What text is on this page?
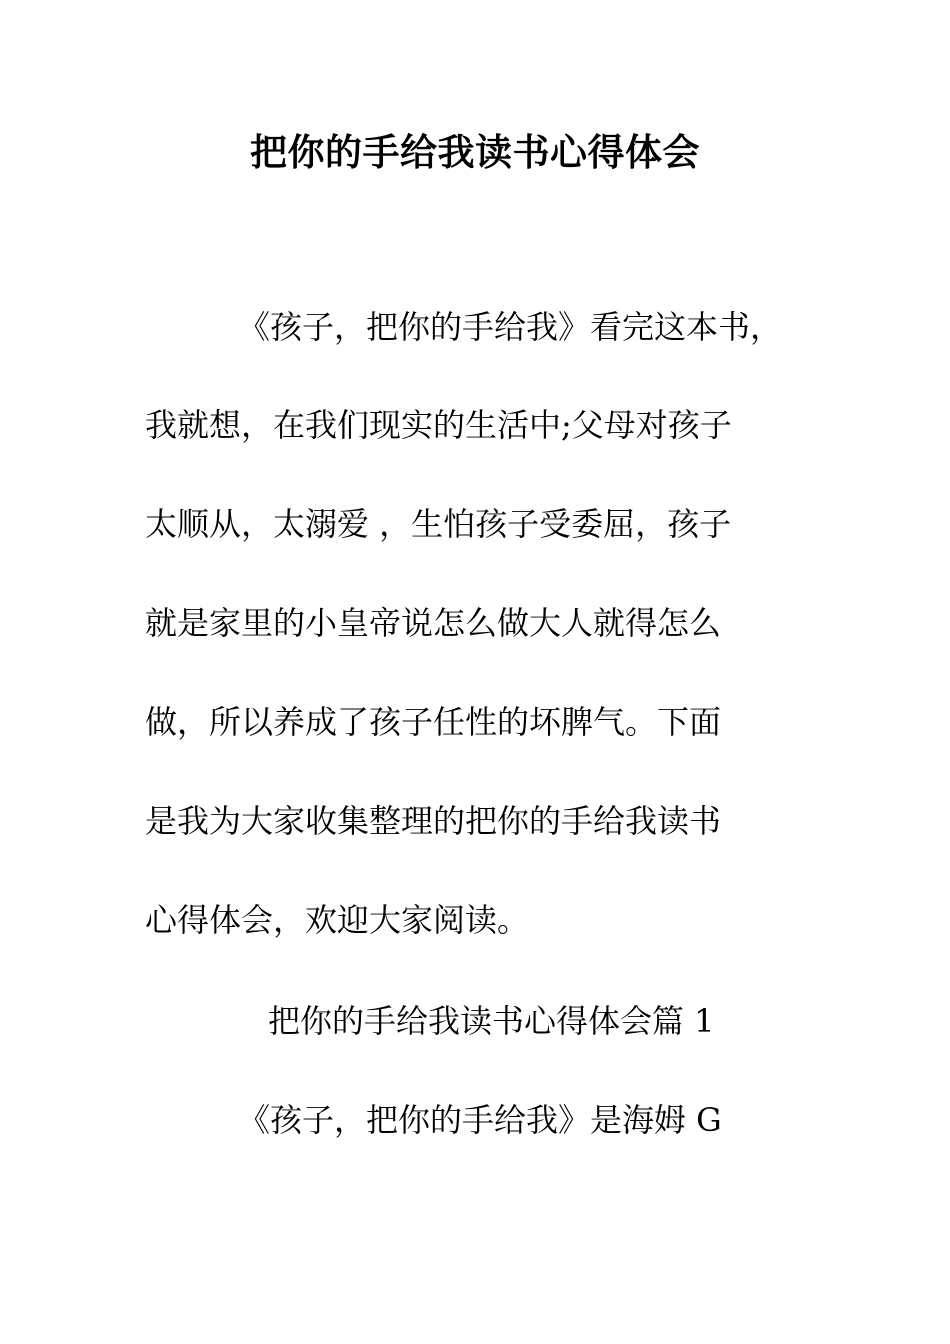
把你的手给我读书心得体会

《孩子，把你的手给我》看完这本书，

我就想，在我们现实的生活中;父母对孩子

太顺从，太溺爱 ，生怕孩子受委屈，孩子

就是家里的小皇帝说怎么做大人就得怎么

做，所以养成了孩子任性的坏脾气。下面

是我为大家收集整理的把你的手给我读书

心得体会，欢迎大家阅读。

把你的手给我读书心得体会篇 1

《孩子，把你的手给我》是海姆 G
